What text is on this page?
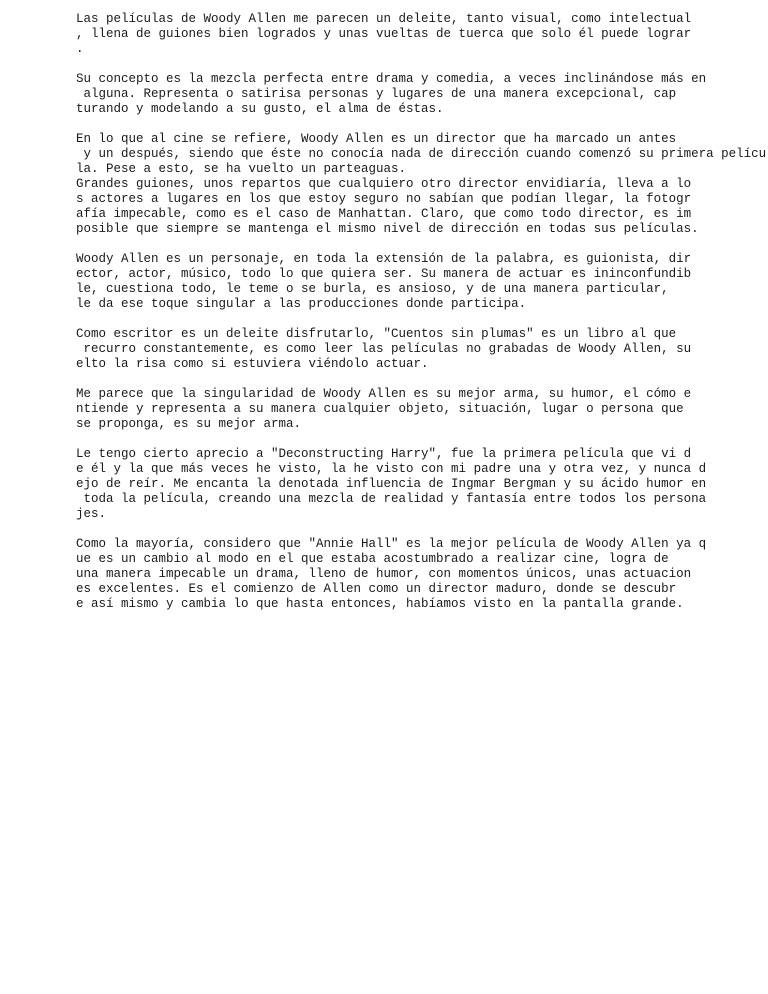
Las películas de Woody Allen me parecen un deleite, tanto visual, como intelectual
, llena de guiones bien logrados y unas vueltas de tuerca que solo él puede lograr
.
Su concepto es la mezcla perfecta entre drama y comedia, a veces inclinándose más en
alguna. Representa o satirisa personas y lugares de una manera excepcional, cap
turando y modelando a su gusto, el alma de éstas.
En lo que al cine se refiere, Woody Allen es un director que ha marcado un antes
y un después, siendo que éste no conocía nada de dirección cuando comenzó su primera pelícu
la. Pese a esto, se ha vuelto un parteaguas.
Grandes guiones, unos repartos que cualquiero otro director envidiaría, lleva a lo
s actores a lugares en los que estoy seguro no sabían que podían llegar, la fotogr
afía impecable, como es el caso de Manhattan. Claro, que como todo director, es im
posible que siempre se mantenga el mismo nivel de dirección en todas sus películas.
Woody Allen es un personaje, en toda la extensión de la palabra, es guionista, dir
ector, actor, músico, todo lo que quiera ser. Su manera de actuar es ininconfundib
le, cuestiona todo, le teme o se burla, es ansioso, y de una manera particular,
le da ese toque singular a las producciones donde participa.
Como escritor es un deleite disfrutarlo, "Cuentos sin plumas" es un libro al que
recurro constantemente, es como leer las películas no grabadas de Woody Allen, su
elto la risa como si estuviera viéndolo actuar.
Me parece que la singularidad de Woody Allen es su mejor arma, su humor, el cómo e
ntiende y representa a su manera cualquier objeto, situación, lugar o persona que
se proponga, es su mejor arma.
Le tengo cierto aprecio a "Deconstructing Harry", fue la primera película que vi d
e él y la que más veces he visto, la he visto con mi padre una y otra vez, y nunca d
ejo de reír. Me encanta la denotada influencia de Ingmar Bergman y su ácido humor en
toda la película, creando una mezcla de realidad y fantasía entre todos los persona
jes.
Como la mayoría, considero que "Annie Hall" es la mejor película de Woody Allen ya q
ue es un cambio al modo en el que estaba acostumbrado a realizar cine, logra de
una manera impecable un drama, lleno de humor, con momentos únicos, unas actuacion
es excelentes. Es el comienzo de Allen como un director maduro, donde se descubr
e así mismo y cambia lo que hasta entonces, habíamos visto en la pantalla grande.
